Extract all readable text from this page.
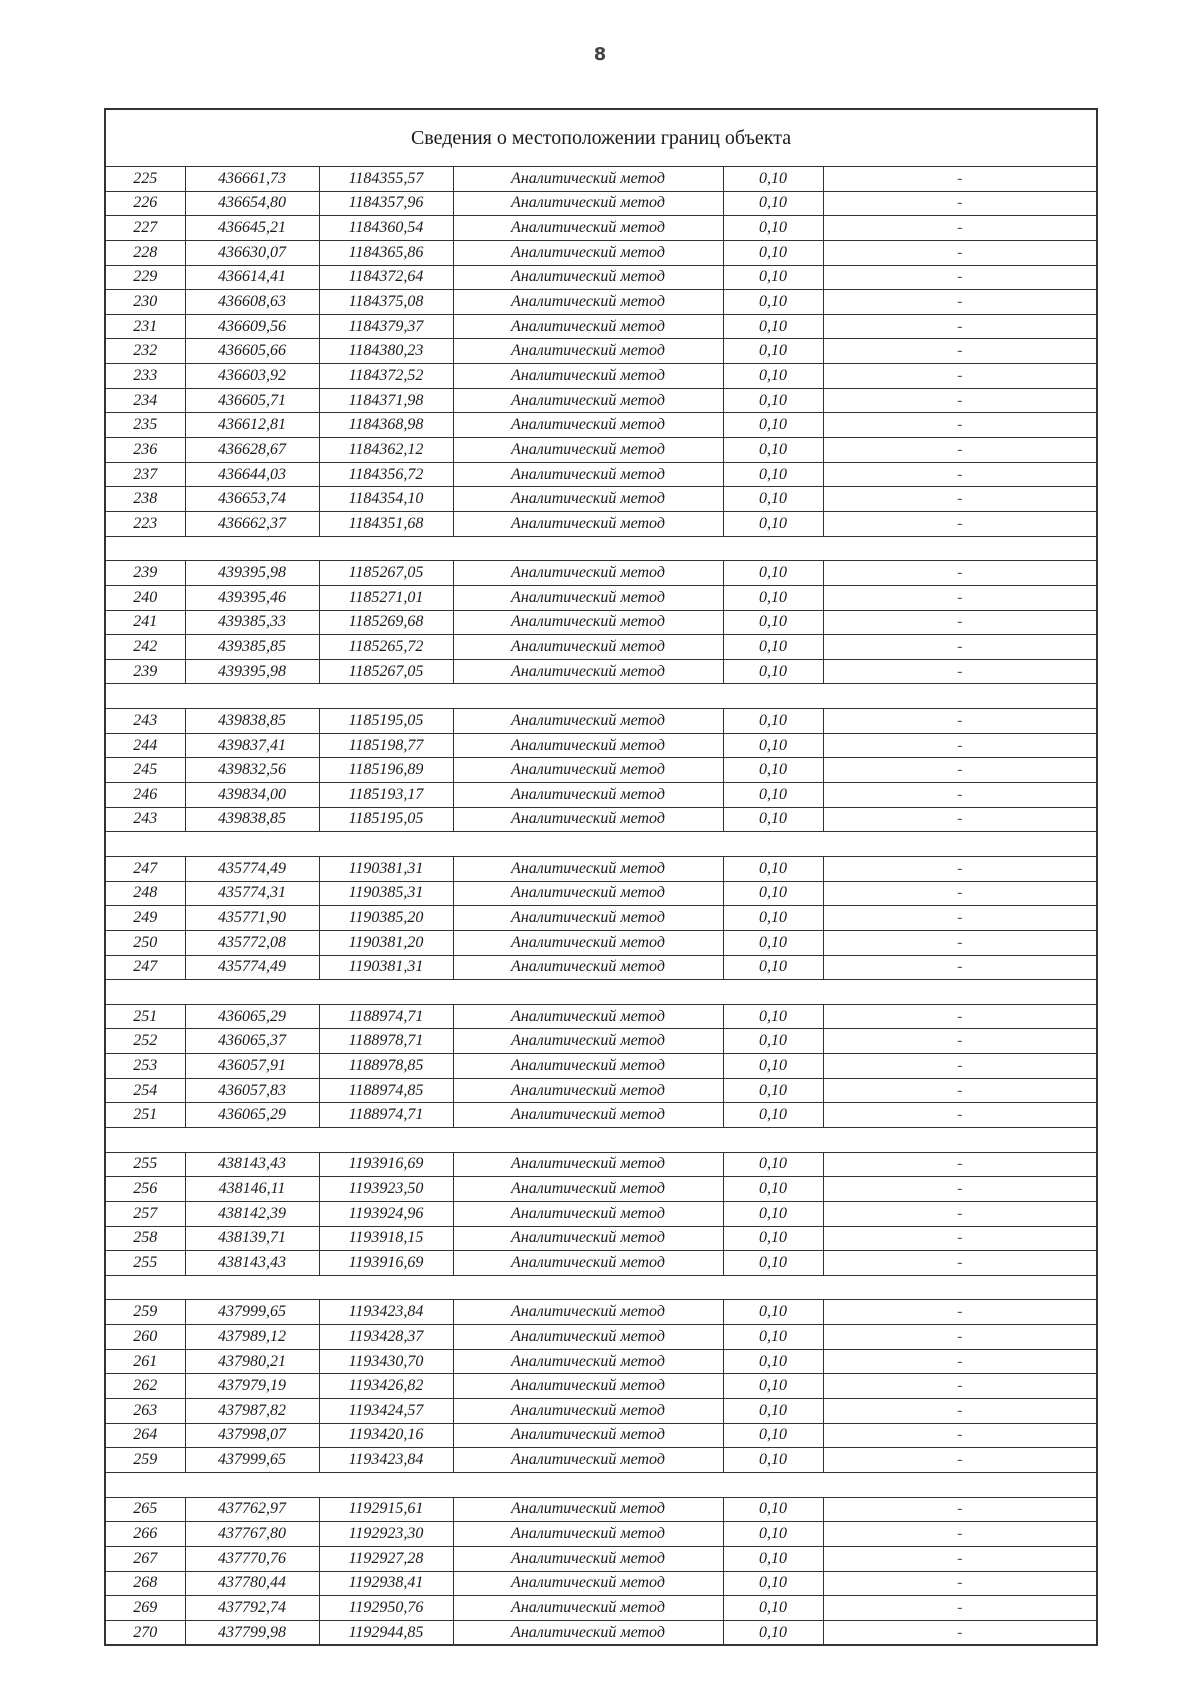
8
Сведения о местоположении границ объекта					
225	436661,73	1184355,57	Аналитический метод	0,10	-
226	436654,80	1184357,96	Аналитический метод	0,10	-
227	436645,21	1184360,54	Аналитический метод	0,10	-
228	436630,07	1184365,86	Аналитический метод	0,10	-
229	436614,41	1184372,64	Аналитический метод	0,10	-
230	436608,63	1184375,08	Аналитический метод	0,10	-
231	436609,56	1184379,37	Аналитический метод	0,10	-
232	436605,66	1184380,23	Аналитический метод	0,10	-
233	436603,92	1184372,52	Аналитический метод	0,10	-
234	436605,71	1184371,98	Аналитический метод	0,10	-
235	436612,81	1184368,98	Аналитический метод	0,10	-
236	436628,67	1184362,12	Аналитический метод	0,10	-
237	436644,03	1184356,72	Аналитический метод	0,10	-
238	436653,74	1184354,10	Аналитический метод	0,10	-
223	436662,37	1184351,68	Аналитический метод	0,10	-

239	439395,98	1185267,05	Аналитический метод	0,10	-
240	439395,46	1185271,01	Аналитический метод	0,10	-
241	439385,33	1185269,68	Аналитический метод	0,10	-
242	439385,85	1185265,72	Аналитический метод	0,10	-
239	439395,98	1185267,05	Аналитический метод	0,10	-

243	439838,85	1185195,05	Аналитический метод	0,10	-
244	439837,41	1185198,77	Аналитический метод	0,10	-
245	439832,56	1185196,89	Аналитический метод	0,10	-
246	439834,00	1185193,17	Аналитический метод	0,10	-
243	439838,85	1185195,05	Аналитический метод	0,10	-

247	435774,49	1190381,31	Аналитический метод	0,10	-
248	435774,31	1190385,31	Аналитический метод	0,10	-
249	435771,90	1190385,20	Аналитический метод	0,10	-
250	435772,08	1190381,20	Аналитический метод	0,10	-
247	435774,49	1190381,31	Аналитический метод	0,10	-

251	436065,29	1188974,71	Аналитический метод	0,10	-
252	436065,37	1188978,71	Аналитический метод	0,10	-
253	436057,91	1188978,85	Аналитический метод	0,10	-
254	436057,83	1188974,85	Аналитический метод	0,10	-
251	436065,29	1188974,71	Аналитический метод	0,10	-

255	438143,43	1193916,69	Аналитический метод	0,10	-
256	438146,11	1193923,50	Аналитический метод	0,10	-
257	438142,39	1193924,96	Аналитический метод	0,10	-
258	438139,71	1193918,15	Аналитический метод	0,10	-
255	438143,43	1193916,69	Аналитический метод	0,10	-

259	437999,65	1193423,84	Аналитический метод	0,10	-
260	437989,12	1193428,37	Аналитический метод	0,10	-
261	437980,21	1193430,70	Аналитический метод	0,10	-
262	437979,19	1193426,82	Аналитический метод	0,10	-
263	437987,82	1193424,57	Аналитический метод	0,10	-
264	437998,07	1193420,16	Аналитический метод	0,10	-
259	437999,65	1193423,84	Аналитический метод	0,10	-

265	437762,97	1192915,61	Аналитический метод	0,10	-
266	437767,80	1192923,30	Аналитический метод	0,10	-
267	437770,76	1192927,28	Аналитический метод	0,10	-
268	437780,44	1192938,41	Аналитический метод	0,10	-
269	437792,74	1192950,76	Аналитический метод	0,10	-
270	437799,98	1192944,85	Аналитический метод	0,10	-
